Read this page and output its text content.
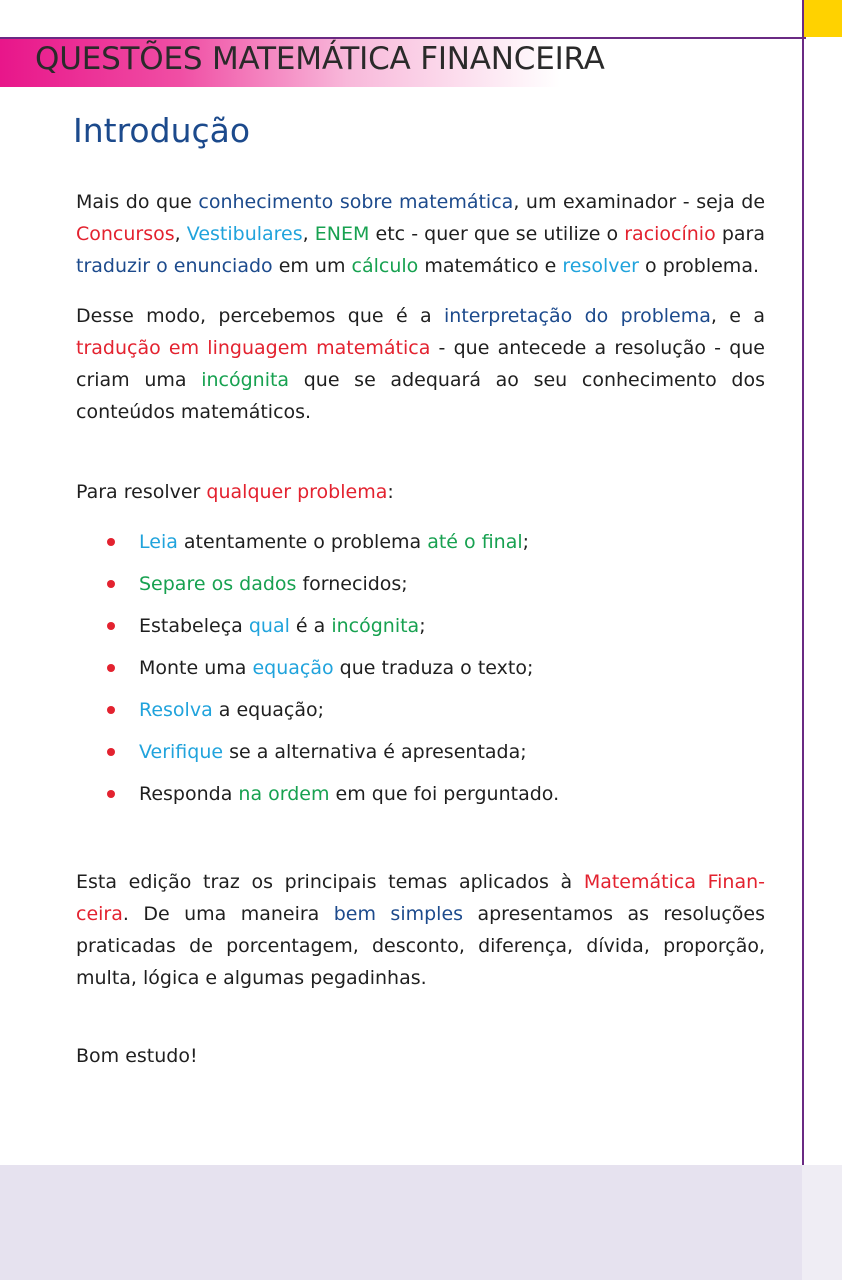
QUESTÕES MATEMÁTICA FINANCEIRA
Introdução

Mais do que conhecimento sobre matemática, um examinador - seja de Concursos, Vestibulares, ENEM etc - quer que se utilize o raciocínio para traduzir o enunciado em um cálculo matemático e resolver o problema.

Desse modo, percebemos que é a interpretação do problema, e a tradução em linguagem matemática - que antecede a resolução - que criam uma incógnita que se adequará ao seu conhecimento dos conteúdos matemáticos.

Para resolver qualquer problema:

Leia atentamente o problema até o final;
Separe os dados fornecidos;
Estabeleça qual é a incógnita;
Monte uma equação que traduza o texto;
Resolva a equação;
Verifique se a alternativa é apresentada;
Responda na ordem em que foi perguntado.

Esta edição traz os principais temas aplicados à Matemática Finan-ceira. De uma maneira bem simples apresentamos as resoluções praticadas de porcentagem, desconto, diferença, dívida, proporção, multa, lógica e algumas pegadinhas.

Bom estudo!
